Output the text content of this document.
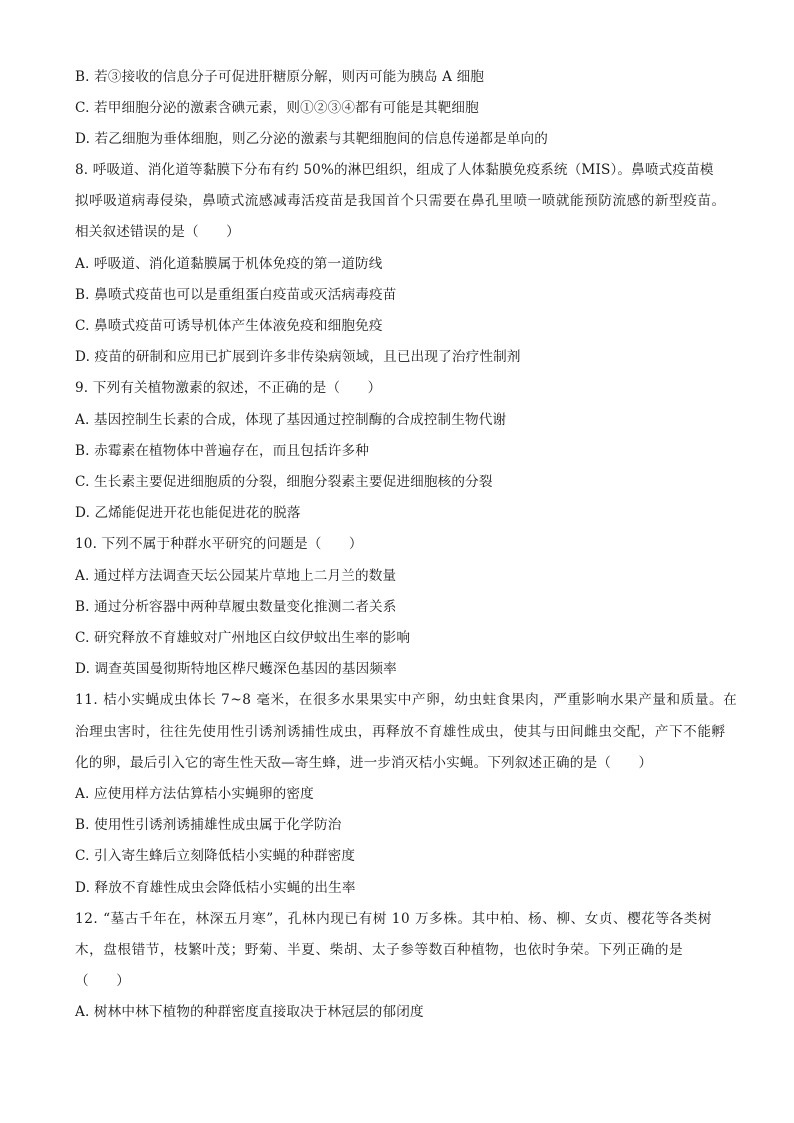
B. 若③接收的信息分子可促进肝糖原分解，则丙可能为胰岛 A 细胞
C. 若甲细胞分泌的激素含碘元素，则①②③④都有可能是其靶细胞
D. 若乙细胞为垂体细胞，则乙分泌的激素与其靶细胞间的信息传递都是单向的
8. 呼吸道、消化道等黏膜下分布有约 50%的淋巴组织，组成了人体黏膜免疫系统（MIS）。鼻喷式疫苗模
拟呼吸道病毒侵染，鼻喷式流感减毒活疫苗是我国首个只需要在鼻孔里喷一喷就能预防流感的新型疫苗。
相关叙述错误的是（　　）
A. 呼吸道、消化道黏膜属于机体免疫的第一道防线
B. 鼻喷式疫苗也可以是重组蛋白疫苗或灭活病毒疫苗
C. 鼻喷式疫苗可诱导机体产生体液免疫和细胞免疫
D. 疫苗的研制和应用已扩展到许多非传染病领域，且已出现了治疗性制剂
9. 下列有关植物激素的叙述，不正确的是（　　）
A. 基因控制生长素的合成，体现了基因通过控制酶的合成控制生物代谢
B. 赤霉素在植物体中普遍存在，而且包括许多种
C. 生长素主要促进细胞质的分裂，细胞分裂素主要促进细胞核的分裂
D. 乙烯能促进开花也能促进花的脱落
10. 下列不属于种群水平研究的问题是（　　）
A. 通过样方法调查天坛公园某片草地上二月兰的数量
B. 通过分析容器中两种草履虫数量变化推测二者关系
C. 研究释放不育雄蚊对广州地区白纹伊蚊出生率的影响
D. 调查英国曼彻斯特地区桦尺蠖深色基因的基因频率
11. 桔小实蝇成虫体长 7~8 毫米，在很多水果果实中产卵，幼虫蛀食果肉，严重影响水果产量和质量。在
治理虫害时，往往先使用性引诱剂诱捕性成虫，再释放不育雄性成虫，使其与田间雌虫交配，产下不能孵
化的卵，最后引入它的寄生性天敌—寄生蜂，进一步消灭桔小实蝇。下列叙述正确的是（　　）
A. 应使用样方法估算桔小实蝇卵的密度
B. 使用性引诱剂诱捕雄性成虫属于化学防治
C. 引入寄生蜂后立刻降低桔小实蝇的种群密度
D. 释放不育雄性成虫会降低桔小实蝇的出生率
12. “墓古千年在，林深五月寒”，孔林内现已有树 10 万多株。其中柏、杨、柳、女贞、樱花等各类树
木，盘根错节，枝繁叶茂；野菊、半夏、柴胡、太子参等数百种植物，也依时争荣。下列正确的是
（　　）
A. 树林中林下植物的种群密度直接取决于林冠层的郁闭度
